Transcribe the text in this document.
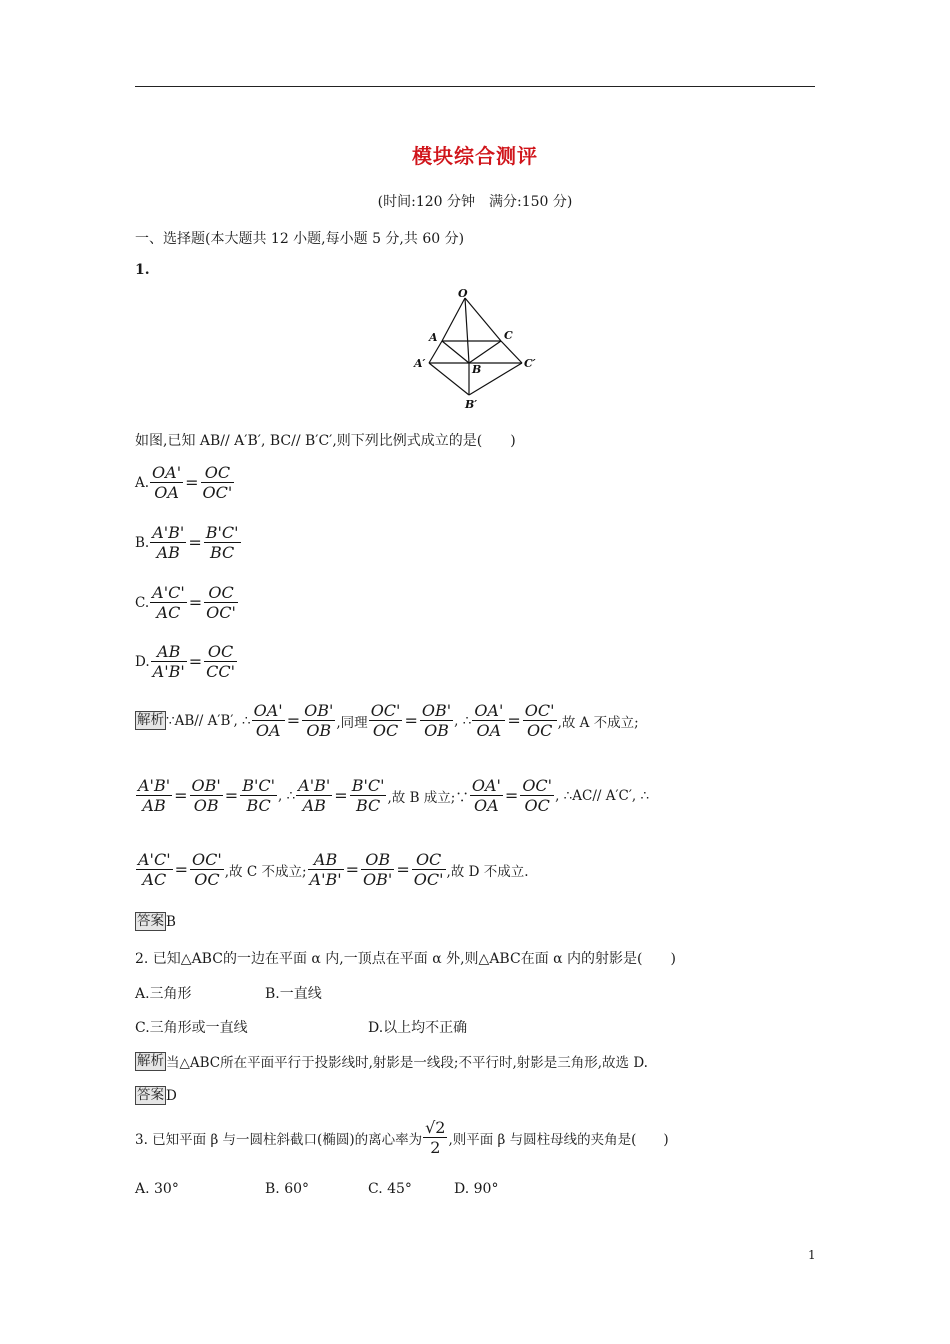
模块综合测评
(时间:120 分钟　满分:150 分)
一、选择题(本大题共 12 小题,每小题 5 分,共 60 分)
1.
O
A	C
A′	C′
B
B′
如图,已知 AB// A′B′, BC// B′C′,则下列比例式成立的是(　　)
A. $\frac{OA'}{OA} = \frac{OC}{OC'}$
B. $\frac{A'B'}{AB} = \frac{B'C'}{BC}$
C. $\frac{A'C'}{AC} = \frac{OC}{OC'}$
D. $\frac{AB}{A'B'} = \frac{OC}{CC'}$
解析 ∵AB// A′B′, ∴ $\frac{OA'}{OA} = \frac{OB'}{OB}$ ,同理 $\frac{OC'}{OC} = \frac{OB'}{OB}$ , ∴ $\frac{OA'}{OA} = \frac{OC'}{OC}$ ,故 A 不成立;
$\frac{A'B'}{AB} = \frac{OB'}{OB} = \frac{B'C'}{BC}$ , ∴ $\frac{A'B'}{AB} = \frac{B'C'}{BC}$ ,故 B 成立;∵ $\frac{OA'}{OA} = \frac{OC'}{OC}$ , ∴AC// A′C′, ∴
$\frac{A'C'}{AC} = \frac{OC'}{OC}$ ,故 C 不成立; $\frac{AB}{A'B'} = \frac{OB}{OB'} = \frac{OC}{OC'}$ ,故 D 不成立.
答案 B
2. 已知△ABC的一边在平面 α 内,一顶点在平面 α 外,则△ABC在面 α 内的射影是(　　)
A.三角形	B.一直线
C.三角形或一直线	D.以上均不正确
解析 当△ABC所在平面平行于投影线时,射影是一线段;不平行时,射影是三角形,故选 D.
答案 D
3. 已知平面 β 与一圆柱斜截口(椭圆)的离心率为 $\frac{√2}{2}$ ,则平面 β 与圆柱母线的夹角是(　　)
A. 30°	B. 60°	C. 45°	D. 90°
1
